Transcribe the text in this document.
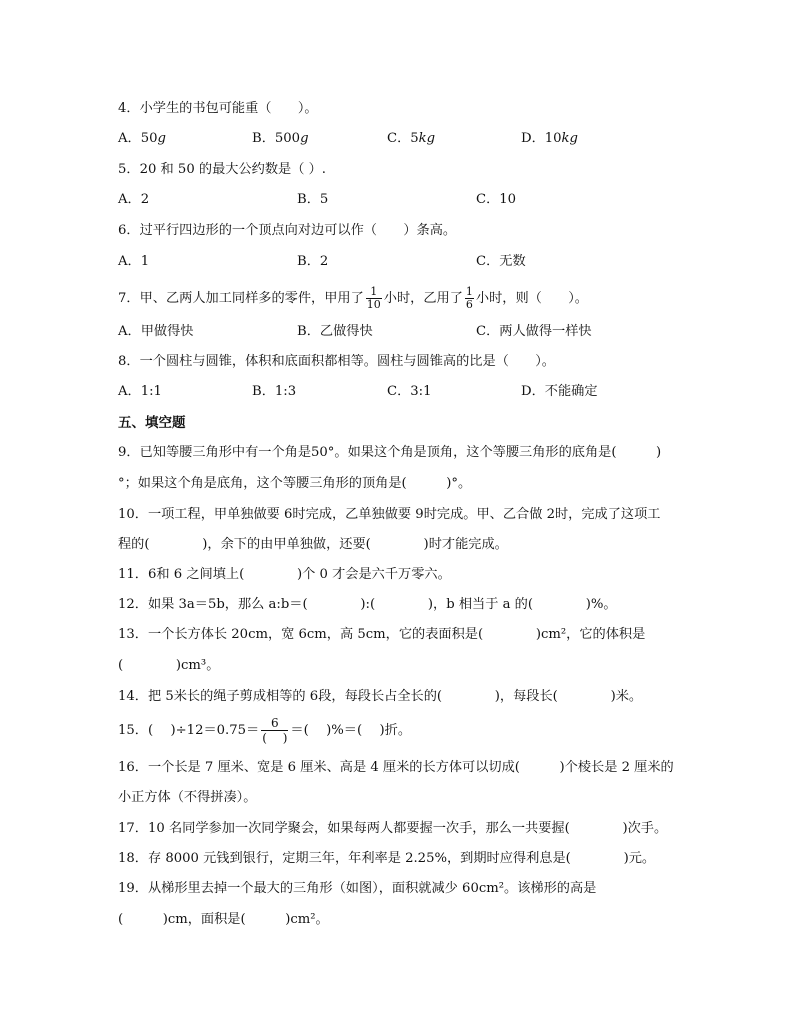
4．小学生的书包可能重（　　）。
A．50g	B．500g	C．5kg	D．10kg
5．20 和 50 的最大公约数是（ ）.
A．2	B．5	C．10
6．过平行四边形的一个顶点向对边可以作（　　）条高。
A．1	B．2	C．无数
7．甲、乙两人加工同样多的零件，甲用了 $\frac{1}{10}$ 小时，乙用了 $\frac{1}{6}$ 小时，则（　　）。
A．甲做得快	B．乙做得快	C．两人做得一样快
8．一个圆柱与圆锥，体积和底面积都相等。圆柱与圆锥高的比是（　　）。
A．1:1	B．1:3	C．3:1	D．不能确定
五、填空题
9．已知等腰三角形中有一个角是50°。如果这个角是顶角，这个等腰三角形的底角是(　　　)
°；如果这个角是底角，这个等腰三角形的顶角是(　　　)°。
10．一项工程，甲单独做要 6时完成，乙单独做要 9时完成。甲、乙合做 2时，完成了这项工
程的(　　　　)，余下的由甲单独做，还要(　　　　)时才能完成。
11．6和 6 之间填上(　　　　)个 0 才会是六千万零六。
12．如果 3a＝5b，那么 a:b＝(　　　　):(　　　　)，b 相当于 a 的(　　　　)%。
13．一个长方体长 20cm，宽 6cm，高 5cm，它的表面积是(　　　　)cm²，它的体积是
(　　　　)cm³。
14．把 5米长的绳子剪成相等的 6段，每段长占全长的(　　　　)，每段长(　　　　)米。
15．(　 )$\div 12=0.75= \frac{6}{( )}$ ＝(　 )%＝(　 )折。
16．一个长是 7 厘米、宽是 6 厘米、高是 4 厘米的长方体可以切成(　　　)个棱长是 2 厘米的
小正方体（不得拼凑）。
17．10 名同学参加一次同学聚会，如果每两人都要握一次手，那么一共要握(　　　　)次手。
18．存 8000 元钱到银行，定期三年，年利率是 2.25%，到期时应得利息是(　　　　)元。
19．从梯形里去掉一个最大的三角形（如图），面积就减少 60cm²。该梯形的高是
(　　　)cm，面积是(　　　)cm²。
